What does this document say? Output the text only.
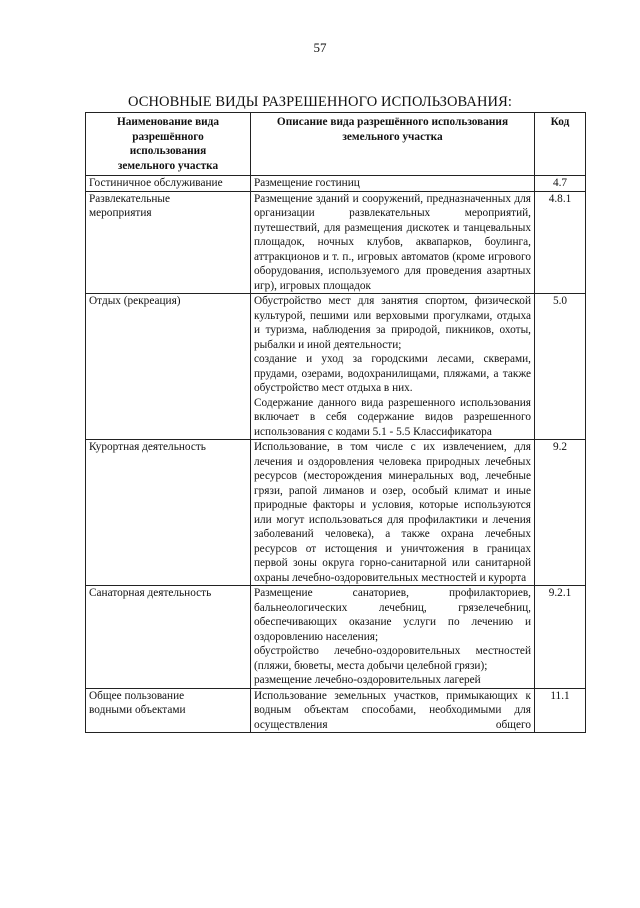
57
ОСНОВНЫЕ ВИДЫ РАЗРЕШЕННОГО ИСПОЛЬЗОВАНИЯ:
Наименование вида разрешённого использования земельного участка	Описание вида разрешённого использования земельного участка	Код
Гостиничное обслуживание	Размещение гостиниц	4.7
Развлекательные мероприятия	Размещение зданий и сооружений, предназначенных для организации развлекательных мероприятий, путешествий, для размещения дискотек и танцевальных площадок, ночных клубов, аквапарков, боулинга, аттракционов и т. п., игровых автоматов (кроме игрового оборудования, используемого для проведения азартных игр), игровых площадок	4.8.1
Отдых (рекреация)	Обустройство мест для занятия спортом, физической культурой, пешими или верховыми прогулками, отдыха и туризма, наблюдения за природой, пикников, охоты, рыбалки и иной деятельности;

создание и уход за городскими лесами, скверами, прудами, озерами, водохранилищами, пляжами, а также обустройство мест отдыха в них.

Содержание данного вида разрешенного использования включает в себя содержание видов разрешенного использования с кодами 5.1 - 5.5 Классификатора	5.0
Курортная деятельность	Использование, в том числе с их извлечением, для лечения и оздоровления человека природных лечебных ресурсов (месторождения минеральных вод, лечебные грязи, рапой лиманов и озер, особый климат и иные природные факторы и условия, которые используются или могут использоваться для профилактики и лечения заболеваний человека), а также охрана лечебных ресурсов от истощения и уничтожения в границах первой зоны округа горно-санитарной или санитарной охраны лечебно-оздоровительных местностей и курорта	9.2
Санаторная деятельность	Размещение санаториев, профилакториев, бальнеологических лечебниц, грязелечебниц, обеспечивающих оказание услуги по лечению и оздоровлению населения;

обустройство лечебно-оздоровительных местностей (пляжи, бюветы, места добычи целебной грязи);

размещение лечебно-оздоровительных лагерей	9.2.1
Общее пользование водными объектами	Использование земельных участков, примыкающих к водным объектам способами, необходимыми для осуществления общего	11.1
